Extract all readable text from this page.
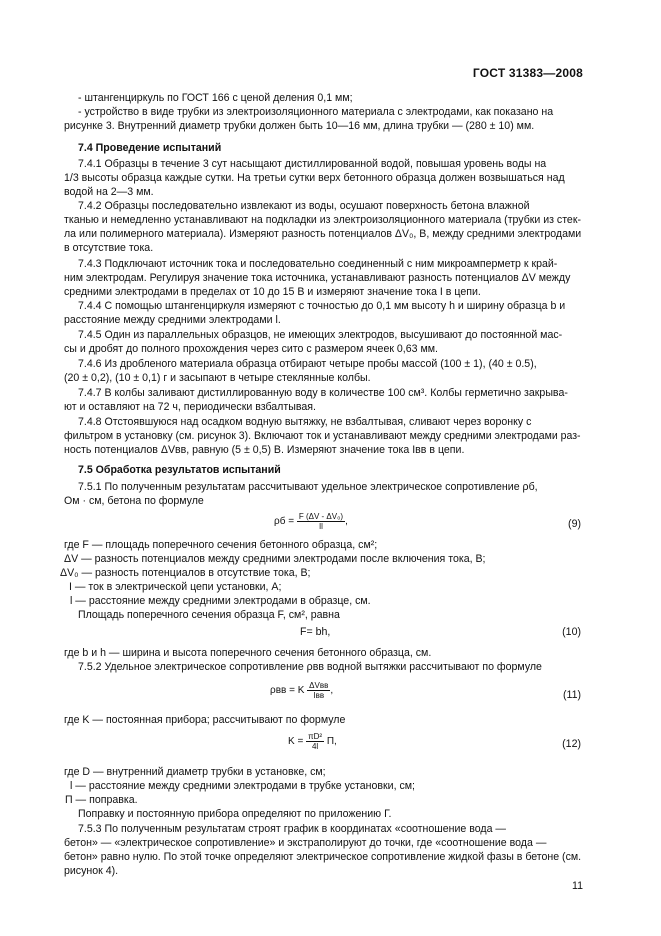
ГОСТ 31383—2008
- штангенциркуль по ГОСТ 166 с ценой деления 0,1 мм;
- устройство в виде трубки из электроизоляционного материала с электродами, как показано на
рисунке 3. Внутренний диаметр трубки должен быть 10—16 мм, длина трубки — (280 ± 10) мм.
7.4 Проведение испытаний
7.4.1 Образцы в течение 3 сут насыщают дистиллированной водой, повышая уровень воды на
1/3 высоты образца каждые сутки. На третьи сутки верх бетонного образца должен возвышаться над
водой на 2—3 мм.
7.4.2 Образцы последовательно извлекают из воды, осушают поверхность бетона влажной
тканью и немедленно устанавливают на подкладки из электроизоляционного материала (трубки из стек-
ла или полимерного материала). Измеряют разность потенциалов ΔV₀, В, между средними электродами
в отсутствие тока.
7.4.3 Подключают источник тока и последовательно соединенный с ним микроамперметр к край-
ним электродам. Регулируя значение тока источника, устанавливают разность потенциалов ΔV между
средними электродами в пределах от 10 до 15 В и измеряют значение тока I в цепи.
7.4.4 С помощью штангенциркуля измеряют с точностью до 0,1 мм высоту h и ширину образца b и
расстояние между средними электродами l.
7.4.5 Один из параллельных образцов, не имеющих электродов, высушивают до постоянной мас-
сы и дробят до полного прохождения через сито с размером ячеек 0,63 мм.
7.4.6 Из дробленого материала образца отбирают четыре пробы массой (100 ± 1), (40 ± 0.5),
(20 ± 0,2), (10 ± 0,1) г и засыпают в четыре стеклянные колбы.
7.4.7 В колбы заливают дистиллированную воду в количестве 100 см³. Колбы герметично закрыва-
ют и оставляют на 72 ч, периодически взбалтывая.
7.4.8 Отстоявшуюся над осадком водную вытяжку, не взбалтывая, сливают через воронку с
фильтром в установку (см. рисунок 3). Включают ток и устанавливают между средними электродами раз-
ность потенциалов ΔVвв, равную (5 ± 0,5) В. Измеряют значение тока Iвв в цепи.
7.5 Обработка результатов испытаний
7.5.1 По полученным результатам рассчитывают удельное электрическое сопротивление ρб,
Ом · см, бетона по формуле
$\rho б = \frac{\text{F (ΔV - ΔV₀)}}{Il}$ ,	(9)
где F — площадь поперечного сечения бетонного образца, см²;
ΔV — разность потенциалов между средними электродами после включения тока, В;
ΔV₀ — разность потенциалов в отсутствие тока, В;
I — ток в электрической цепи установки, А;
l — расстояние между средними электродами в образце, см.
Площадь поперечного сечения образца F, см², равна
F= bh,	(10)
где b и h — ширина и высота поперечного сечения бетонного образца, см.
7.5.2 Удельное электрическое сопротивление ρвв водной вытяжки рассчитывают по формуле
ρвв = K $\frac{\text{ΔVвв}}{\text{Iвв}}$ ,	(11)
где K — постоянная прибора; рассчитывают по формуле
$K = \frac{\text{πD²}}{4l} П$,	(12)
где D — внутренний диаметр трубки в установке, см;
l — расстояние между средними электродами в трубке установки, см;
П — поправка.
Поправку и постоянную прибора определяют по приложению Г.
7.5.3 По полученным результатам строят график в координатах «соотношение вода —
бетон» — «электрическое сопротивление» и экстраполируют до точки, где «соотношение вода —
бетон» равно нулю. По этой точке определяют электрическое сопротивление жидкой фазы в бетоне (см.
рисунок 4).
11
